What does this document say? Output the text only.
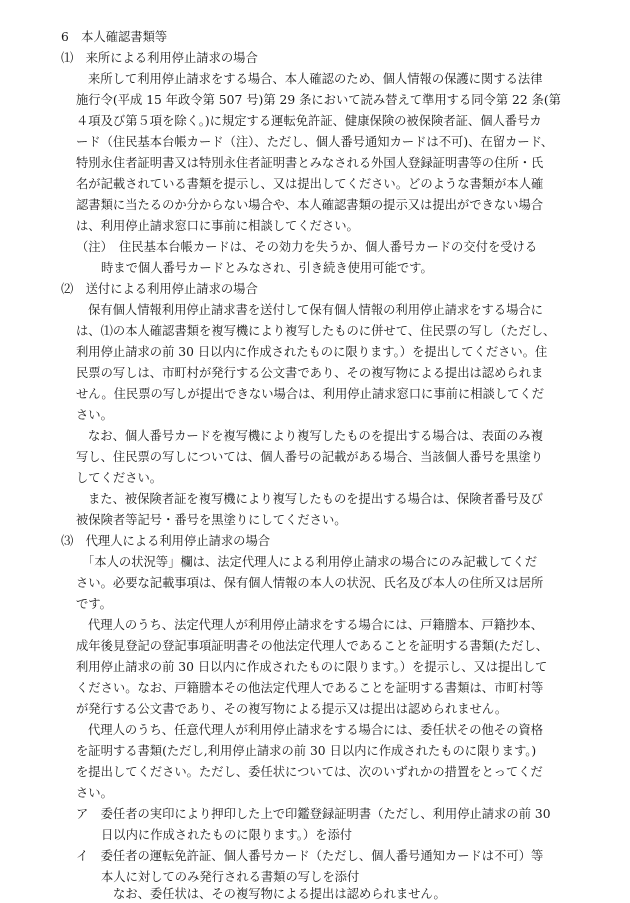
6　本人確認書類等
⑴　来所による利用停止請求の場合
来所して利用停止請求をする場合、本人確認のため、個人情報の保護に関する法律
施行令(平成 15 年政令第 507 号)第 29 条において読み替えて準用する同令第 22 条(第
４項及び第５項を除く。)に規定する運転免許証、健康保険の被保険者証、個人番号カ
ード（住民基本台帳カード（注）、ただし、個人番号通知カードは不可)、在留カード、
特別永住者証明書又は特別永住者証明書とみなされる外国人登録証明書等の住所・氏
名が記載されている書類を提示し、又は提出してください。どのような書類が本人確
認書類に当たるのか分からない場合や、本人確認書類の提示又は提出ができない場合
は、利用停止請求窓口に事前に相談してください。
（注）　住民基本台帳カードは、その効力を失うか、個人番号カードの交付を受ける
時まで個人番号カードとみなされ、引き続き使用可能です。
⑵　送付による利用停止請求の場合
保有個人情報利用停止請求書を送付して保有個人情報の利用停止請求をする場合に
は、⑴の本人確認書類を複写機により複写したものに併せて、住民票の写し（ただし、
利用停止請求の前 30 日以内に作成されたものに限ります。）を提出してください。住
民票の写しは、市町村が発行する公文書であり、その複写物による提出は認められま
せん。住民票の写しが提出できない場合は、利用停止請求窓口に事前に相談してくだ
さい。
なお、個人番号カードを複写機により複写したものを提出する場合は、表面のみ複
写し、住民票の写しについては、個人番号の記載がある場合、当該個人番号を黒塗り
してください。
また、被保険者証を複写機により複写したものを提出する場合は、保険者番号及び
被保険者等記号・番号を黒塗りにしてください。
⑶　代理人による利用停止請求の場合
「本人の状況等」欄は、法定代理人による利用停止請求の場合にのみ記載してくだ
さい。必要な記載事項は、保有個人情報の本人の状況、氏名及び本人の住所又は居所
です。
代理人のうち、法定代理人が利用停止請求をする場合には、戸籍謄本、戸籍抄本、
成年後見登記の登記事項証明書その他法定代理人であることを証明する書類(ただし、
利用停止請求の前 30 日以内に作成されたものに限ります。）を提示し、又は提出して
ください。なお、戸籍謄本その他法定代理人であることを証明する書類は、市町村等
が発行する公文書であり、その複写物による提示又は提出は認められません。
代理人のうち、任意代理人が利用停止請求をする場合には、委任状その他その資格
を証明する書類(ただし,利用停止請求の前 30 日以内に作成されたものに限ります。)
を提出してください。ただし、委任状については、次のいずれかの措置をとってくだ
さい。
ア　委任者の実印により押印した上で印鑑登録証明書（ただし、利用停止請求の前 30
日以内に作成されたものに限ります。）を添付
イ　委任者の運転免許証、個人番号カード（ただし、個人番号通知カードは不可）等
本人に対してのみ発行される書類の写しを添付
なお、委任状は、その複写物による提出は認められません。
